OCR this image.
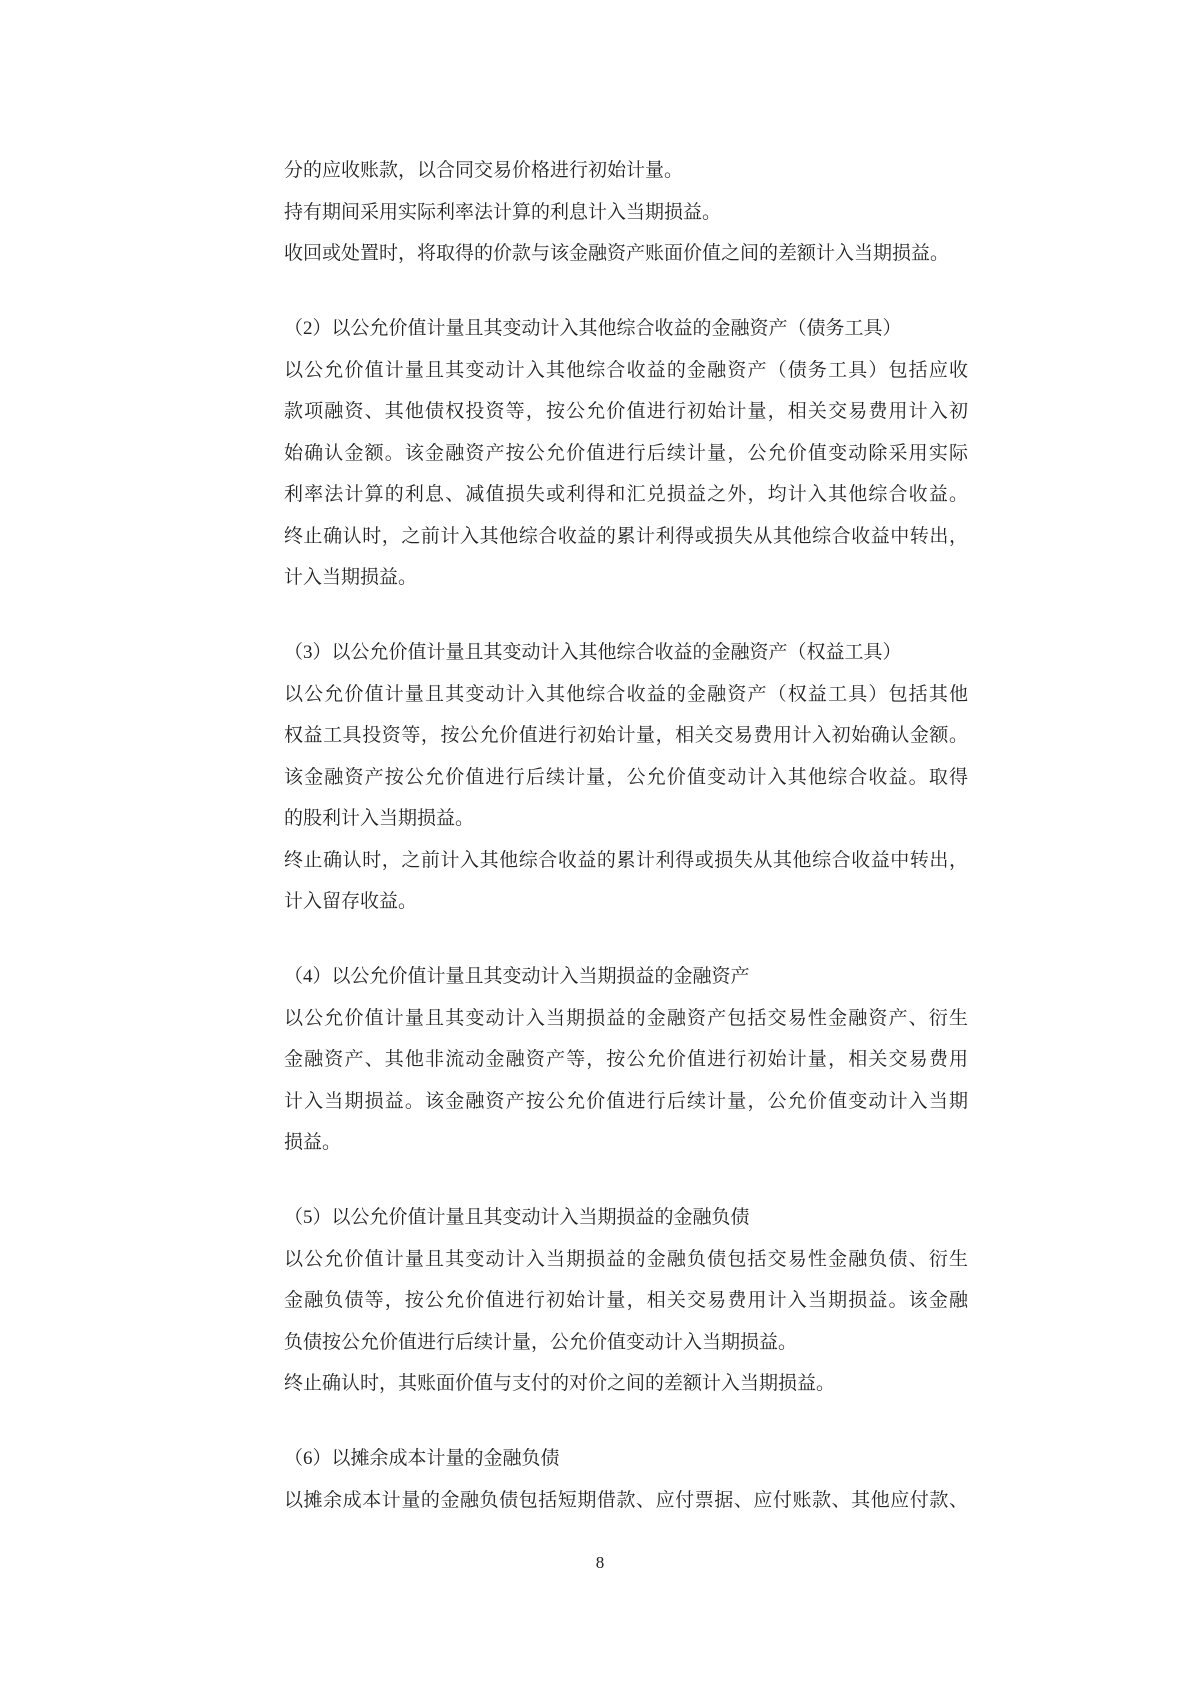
分的应收账款，以合同交易价格进行初始计量。
持有期间采用实际利率法计算的利息计入当期损益。
收回或处置时，将取得的价款与该金融资产账面价值之间的差额计入当期损益。
（2）以公允价值计量且其变动计入其他综合收益的金融资产（债务工具）
以公允价值计量且其变动计入其他综合收益的金融资产（债务工具）包括应收
款项融资、其他债权投资等，按公允价值进行初始计量，相关交易费用计入初
始确认金额。该金融资产按公允价值进行后续计量，公允价值变动除采用实际
利率法计算的利息、减值损失或利得和汇兑损益之外，均计入其他综合收益。
终止确认时，之前计入其他综合收益的累计利得或损失从其他综合收益中转出，
计入当期损益。
（3）以公允价值计量且其变动计入其他综合收益的金融资产（权益工具）
以公允价值计量且其变动计入其他综合收益的金融资产（权益工具）包括其他
权益工具投资等，按公允价值进行初始计量，相关交易费用计入初始确认金额。
该金融资产按公允价值进行后续计量，公允价值变动计入其他综合收益。取得
的股利计入当期损益。
终止确认时，之前计入其他综合收益的累计利得或损失从其他综合收益中转出，
计入留存收益。
（4）以公允价值计量且其变动计入当期损益的金融资产
以公允价值计量且其变动计入当期损益的金融资产包括交易性金融资产、衍生
金融资产、其他非流动金融资产等，按公允价值进行初始计量，相关交易费用
计入当期损益。该金融资产按公允价值进行后续计量，公允价值变动计入当期
损益。
（5）以公允价值计量且其变动计入当期损益的金融负债
以公允价值计量且其变动计入当期损益的金融负债包括交易性金融负债、衍生
金融负债等，按公允价值进行初始计量，相关交易费用计入当期损益。该金融
负债按公允价值进行后续计量，公允价值变动计入当期损益。
终止确认时，其账面价值与支付的对价之间的差额计入当期损益。
（6）以摊余成本计量的金融负债
以摊余成本计量的金融负债包括短期借款、应付票据、应付账款、其他应付款、
8
